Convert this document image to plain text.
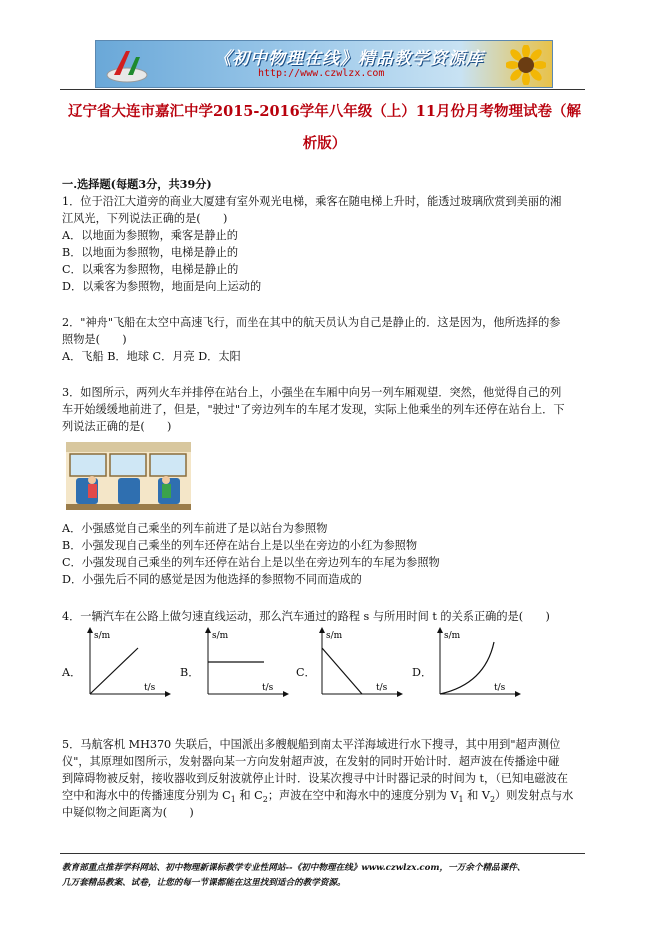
《初中物理在线》精品教学资源库
http://www.czwlzx.com
辽宁省大连市嘉汇中学2015-2016学年八年级（上）11月份月考物理试卷（解
析版）
一.选择题(每题3分，共39分)
1．位于沿江大道旁的商业大厦建有室外观光电梯，乘客在随电梯上升时，能透过玻璃欣赏到美丽的湘
江风光，下列说法正确的是(　　)
A．以地面为参照物，乘客是静止的
B．以地面为参照物，电梯是静止的
C．以乘客为参照物，电梯是静止的
D．以乘客为参照物，地面是向上运动的
2．"神舟"飞船在太空中高速飞行，而坐在其中的航天员认为自己是静止的．这是因为，他所选择的参
照物是(　　)
A．飞船 B．地球 C．月亮 D．太阳
3．如图所示，两列火车并排停在站台上，小强坐在车厢中向另一列车厢观望．突然，他觉得自己的列
车开始缓缓地前进了，但是，"驶过"了旁边列车的车尾才发现，实际上他乘坐的列车还停在站台上．下
列说法正确的是(　　)
A．小强感觉自己乘坐的列车前进了是以站台为参照物
B．小强发现自己乘坐的列车还停在站台上是以坐在旁边的小红为参照物
C．小强发现自己乘坐的列车还停在站台上是以坐在旁边列车的车尾为参照物
D．小强先后不同的感觉是因为他选择的参照物不同而造成的
4．一辆汽车在公路上做匀速直线运动，那么汽车通过的路程 s 与所用时间 t 的关系正确的是(　　)
A．
s/m
t/s
B．
s/m
t/s
C．
s/m
t/s
D．
s/m
t/s
5．马航客机 MH370 失联后，中国派出多艘舰船到南太平洋海域进行水下搜寻，其中用到"超声测位
仪"，其原理如图所示，发射器向某一方向发射超声波，在发射的同时开始计时．超声波在传播途中碰
到障碍物被反射，接收器收到反射波就停止计时．设某次搜寻中计时器记录的时间为 t，（已知电磁波在
空中和海水中的传播速度分别为 $C_1$ 和 $C_2$；声波在空中和海水中的速度分别为 $V_1$ 和 $V_2$）则发射点与水
中疑似物之间距离为(　　)
教育部重点推荐学科网站、初中物理新课标教学专业性网站--《初中物理在线》www.czwlzx.com，一万余个精品课件、
几万套精品教案、试卷，让您的每一节课都能在这里找到适合的教学资源。
